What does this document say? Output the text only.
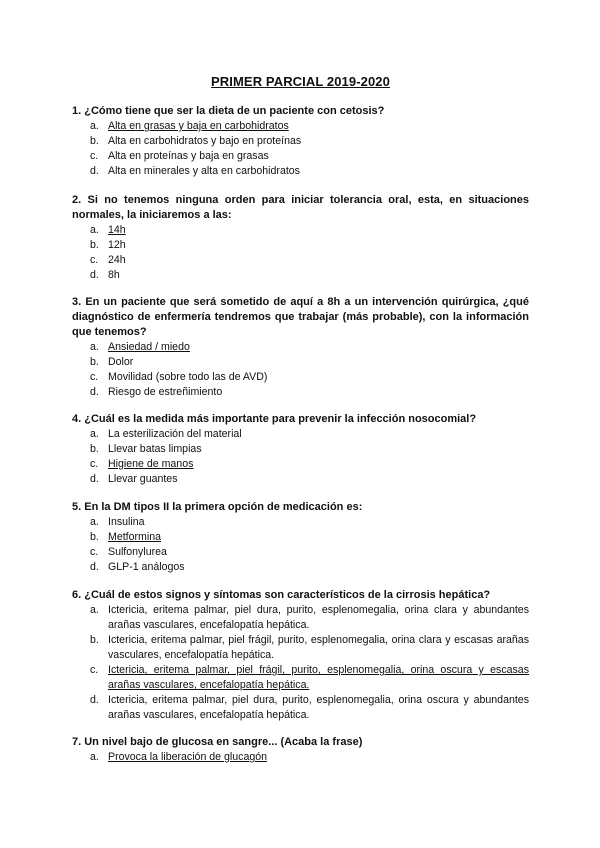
PRIMER PARCIAL 2019-2020
1. ¿Cómo tiene que ser la dieta de un paciente con cetosis?
a. Alta en grasas y baja en carbohidratos
b. Alta en carbohidratos y bajo en proteínas
c. Alta en proteínas y baja en grasas
d. Alta en minerales y alta en carbohidratos
2. Si no tenemos ninguna orden para iniciar tolerancia oral, esta, en situaciones normales, la iniciaremos a las:
a. 14h
b. 12h
c. 24h
d. 8h
3. En un paciente que será sometido de aquí a 8h a un intervención quirúrgica, ¿qué diagnóstico de enfermería tendremos que trabajar (más probable), con la información que tenemos?
a. Ansiedad / miedo
b. Dolor
c. Movilidad (sobre todo las de AVD)
d. Riesgo de estreñimiento
4. ¿Cuál es la medida más importante para prevenir la infección nosocomial?
a. La esterilización del material
b. Llevar batas limpias
c. Higiene de manos
d. Llevar guantes
5. En la DM tipos II la primera opción de medicación es:
a. Insulina
b. Metformina
c. Sulfonylurea
d. GLP-1 análogos
6. ¿Cuál de estos signos y síntomas son característicos de la cirrosis hepática?
a. Ictericia, eritema palmar, piel dura, purito, esplenomegalia, orina clara y abundantes arañas vasculares, encefalopatía hepática.
b. Ictericia, eritema palmar, piel frágil, purito, esplenomegalia, orina clara y escasas arañas vasculares, encefalopatía hepática.
c. Ictericia, eritema palmar, piel frágil, purito, esplenomegalia, orina oscura y escasas arañas vasculares, encefalopatía hepática.
d. Ictericia, eritema palmar, piel dura, purito, esplenomegalia, orina oscura y abundantes arañas vasculares, encefalopatía hepática.
7. Un nivel bajo de glucosa en sangre... (Acaba la frase)
a. Provoca la liberación de glucagón
